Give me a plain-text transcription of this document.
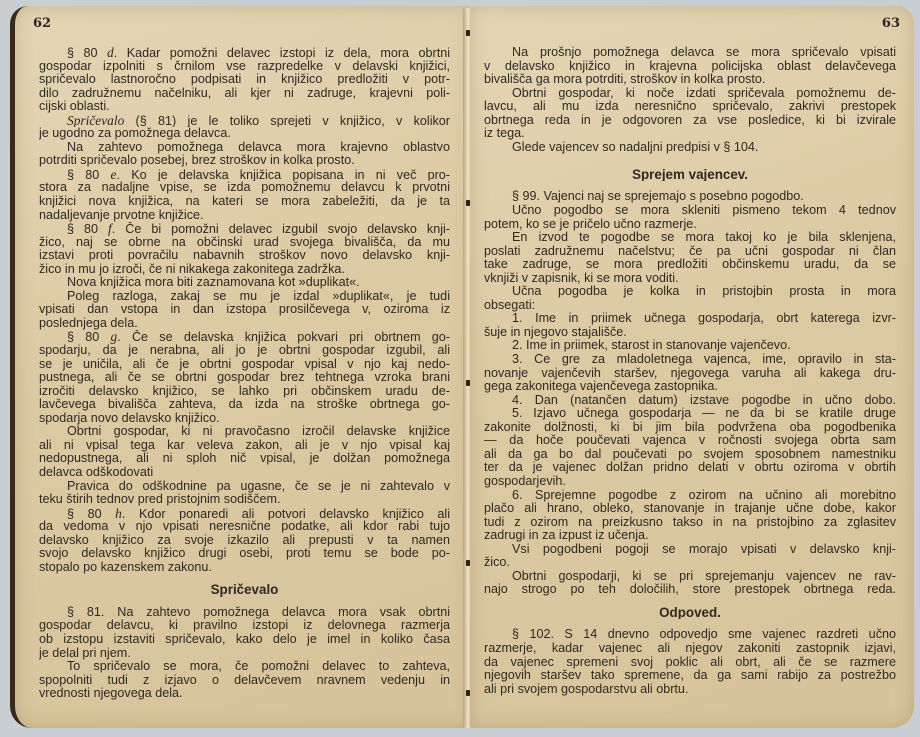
62
§ 80 d. Kadar pomožni delavec izstopi iz dela, mora obrtni
gospodar izpolniti s črnilom vse razpredelke v delavski knjižici,
spričevalo lastnoročno podpisati in knjižico predložiti v potr-
dilo zadružnemu načelniku, ali kjer ni zadruge, krajevni poli-
cijski oblasti.
Spričevalo (§ 81) je le toliko sprejeti v knjižico, v kolikor
je ugodno za pomožnega delavca.
Na zahtevo pomožnega delavca mora krajevno oblastvo
potrditi spričevalo posebej, brez stroškov in kolka prosto.
§ 80 e. Ko je delavska knjižica popisana in ni več pro-
stora za nadaljne vpise, se izda pomožnemu delavcu k prvotni
knjižici nova knjižica, na kateri se mora zabeležiti, da je ta
nadaljevanje prvotne knjižice.
§ 80 f. Če bi pomožni delavec izgubil svojo delavsko knji-
žico, naj se obrne na občinski urad svojega bivališča, da mu
izstavi proti povračilu nabavnih stroškov novo delavsko knji-
žico in mu jo izroči, če ni nikakega zakonitega zadržka.
Nova knjižica mora biti zaznamovana kot »duplikat«.
Poleg razloga, zakaj se mu je izdal »duplikat«, je tudi
vpisati dan vstopa in dan izstopa prosilčevega v, oziroma iz
poslednjega dela.
§ 80 g. Če se delavska knjižica pokvari pri obrtnem go-
spodarju, da je nerabna, ali jo je obrtni gospodar izgubil, ali
se je uničila, ali če je obrtni gospodar vpisal v njo kaj nedo-
pustnega, ali če se obrtni gospodar brez tehtnega vzroka brani
izročiti delavsko knjižico, se lahko pri občinskem uradu de-
lavčevega bivališča zahteva, da izda na stroške obrtnega go-
spodarja novo delavsko knjižico.
Obrtni gospodar, ki ni pravočasno izročil delavske knjižice
ali ni vpisal tega kar veleva zakon, ali je v njo vpisal kaj
nedopustnega, ali ni sploh nič vpisal, je dolžan pomožnega
delavca odškodovati
Pravica do odškodnine pa ugasne, če se je ni zahtevalo v
teku štirih tednov pred pristojnim sodiščem.
§ 80 h. Kdor ponaredi ali potvori delavsko knjižico ali
da vedoma v njo vpisati neresnične podatke, ali kdor rabi tujo
delavsko knjižico za svoje izkazilo ali prepusti v ta namen
svojo delavsko knjižico drugi osebi, proti temu se bode po-
stopalo po kazenskem zakonu.
Spričevalo
§ 81. Na zahtevo pomožnega delavca mora vsak obrtni
gospodar delavcu, ki pravilno izstopi iz delovnega razmerja
ob izstopu izstaviti spričevalo, kako delo je imel in koliko časa
je delal pri njem.
To spričevalo se mora, če pomožni delavec to zahteva,
spopolniti tudi z izjavo o delavčevem nravnem vedenju in
vrednosti njegovega dela.
63
Na prošnjo pomožnega delavca se mora spričevalo vpisati
v delavsko knjižico in krajevna policijska oblast delavčevega
bivališča ga mora potrditi, stroškov in kolka prosto.
Obrtni gospodar, ki noče izdati spričevala pomožnemu de-
lavcu, ali mu izda neresnično spričevalo, zakrivi prestopek
obrtnega reda in je odgovoren za vse posledice, ki bi izvirale
iz tega.
Glede vajencev so nadaljni predpisi v § 104.
Sprejem vajencev.
§ 99. Vajenci naj se sprejemajo s posebno pogodbo.
Učno pogodbo se mora skleniti pismeno tekom 4 tednov
potem, ko se je pričelo učno razmerje.
En izvod te pogodbe se mora takoj ko je bila sklenjena,
poslati zadružnemu načelstvu; če pa učni gospodar ni član
take zadruge, se mora predložiti občinskemu uradu, da se
vknjiži v zapisnik, ki se mora voditi.
Učna pogodba je kolka in pristojbin prosta in mora
obsegati:
1. Ime in priimek učnega gospodarja, obrt katerega izvr-
šuje in njegovo stajališče.
2. Ime in priimek, starost in stanovanje vajenčevo.
3. Če gre za mladoletnega vajenca, ime, opravilo in sta-
novanje vajenčevih staršev, njegovega varuha ali kakega dru-
gega zakonitega vajenčevega zastopnika.
4. Dan (natančen datum) izstave pogodbe in učno dobo.
5. Izjavo učnega gospodarja — ne da bi se kratile druge
zakonite dolžnosti, ki bi jim bila podvržena oba pogodbenika
— da hoče poučevati vajenca v ročnosti svojega obrta sam
ali da ga bo dal poučevati po svojem sposobnem namestniku
ter da je vajenec dolžan pridno delati v obrtu oziroma v obrtih
gospodarjevih.
6. Sprejemne pogodbe z ozirom na učnino ali morebitno
plačo ali hrano, obleko, stanovanje in trajanje učne dobe, kakor
tudi z ozirom na preizkusno takso in na pristojbino za zglasitev
zadrugi in za izpust iz učenja.
Vsi pogodbeni pogoji se morajo vpisati v delavsko knji-
žico.
Obrtni gospodarji, ki se pri sprejemanju vajencev ne rav-
najo strogo po teh določilih, store prestopek obrtnega reda.
Odpoved.
§ 102. S 14 dnevno odpovedjo sme vajenec razdreti učno
razmerje, kadar vajenec ali njegov zakoniti zastopnik izjavi,
da vajenec spremeni svoj poklic ali obrt, ali če se razmere
njegovih staršev tako spremene, da ga sami rabijo za postrežbo
ali pri svojem gospodarstvu ali obrtu.
